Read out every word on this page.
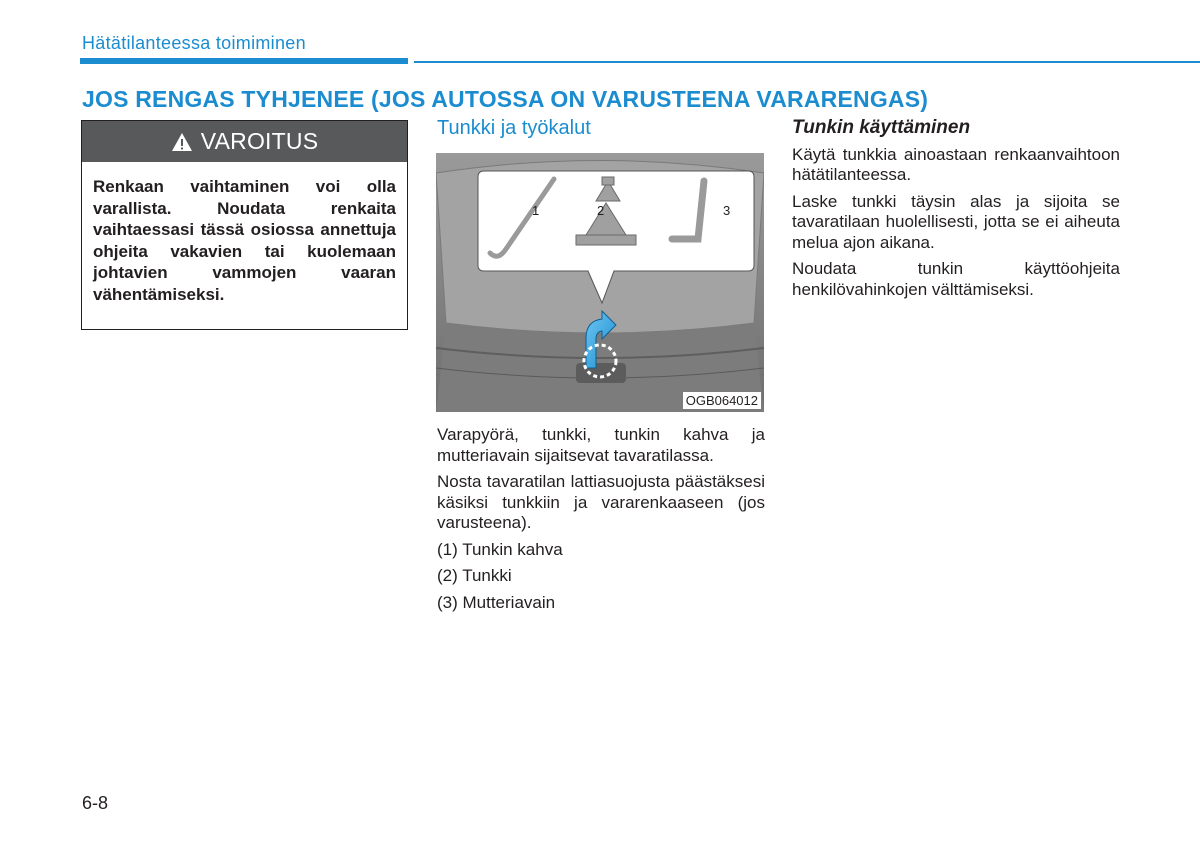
Hätätilanteessa toimiminen
JOS RENGAS TYHJENEE (JOS AUTOSSA ON VARUSTEENA VARARENGAS)
VAROITUS
Renkaan vaihtaminen voi olla varallista. Noudata renkaita vaihtaessasi tässä osiossa annettuja ohjeita vakavien tai kuolemaan johtavien vammojen vaaran vähentämiseksi.
Tunkki ja työkalut
1	2	3
OGB064012

Varapyörä, tunkki, tunkin kahva ja mutteriavain sijaitsevat tavaratilassa.

Nosta tavaratilan lattiasuojusta päästäksesi käsiksi tunkkiin ja vararenkaaseen (jos varusteena).

(1) Tunkin kahva
(2) Tunkki
(3) Mutteriavain
Tunkin käyttäminen

Käytä tunkkia ainoastaan renkaanvaihtoon hätätilanteessa.

Laske tunkki täysin alas ja sijoita se tavaratilaan huolellisesti, jotta se ei aiheuta melua ajon aikana.

Noudata tunkin käyttöohjeita henkilövahinkojen välttämiseksi.

6-8
